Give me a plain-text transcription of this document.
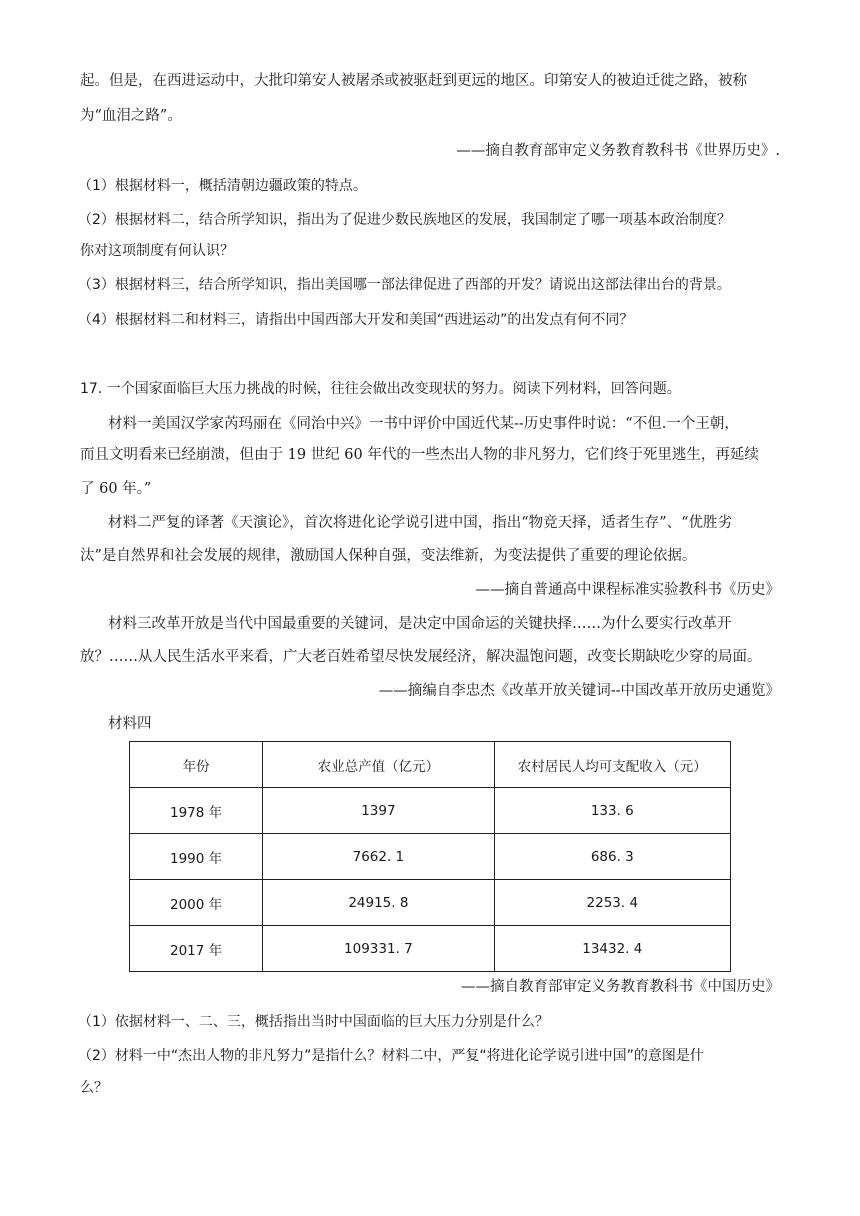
起。但是，在西进运动中，大批印第安人被屠杀或被驱赶到更远的地区。印第安人的被迫迁徙之路，被称
为“血泪之路”。
——摘自教育部审定义务教育教科书《世界历史》.
（1）根据材料一，概括清朝边疆政策的特点。
（2）根据材料二，结合所学知识，指出为了促进少数民族地区的发展，我国制定了哪一项基本政治制度？
你对这项制度有何认识？
（3）根据材料三，结合所学知识，指出美国哪一部法律促进了西部的开发？请说出这部法律出台的背景。
（4）根据材料二和材料三，请指出中国西部大开发和美国“西进运动”的出发点有何不同？
17. 一个国家面临巨大压力挑战的时候，往往会做出改变现状的努力。阅读下列材料，回答问题。
材料一美国汉学家芮玛丽在《同治中兴》一书中评价中国近代某--历史事件时说：“不但.一个王朝，
而且文明看来已经崩溃，但由于 19 世纪 60 年代的一些杰出人物的非凡努力，它们终于死里逃生，再延续
了 60 年。”
材料二严复的译著《天演论》，首次将进化论学说引进中国，指出“物竞天择，适者生存”、“优胜劣
汰”是自然界和社会发展的规律，激励国人保种自强，变法维新，为变法提供了重要的理论依据。
——摘自普通高中课程标准实验教科书《历史》
材料三改革开放是当代中国最重要的关键词，是决定中国命运的关键抉择……为什么要实行改革开
放？……从人民生活水平来看，广大老百姓希望尽快发展经济，解决温饱问题，改变长期缺吃少穿的局面。
——摘编自李忠杰《改革开放关键词--中国改革开放历史通览》
材料四
年份	农业总产值（亿元）	农村居民人均可支配收入（元）
1978 年	1397	133. 6
1990 年	7662. 1	686. 3
2000 年	24915. 8	2253. 4
2017 年	109331. 7	13432. 4
——摘自教育部审定义务教育教科书《中国历史》
（1）依据材料一、二、三，概括指出当时中国面临的巨大压力分别是什么？
（2）材料一中“杰出人物的非凡努力”是指什么？材料二中，严复“将进化论学说引进中国”的意图是什
么？
